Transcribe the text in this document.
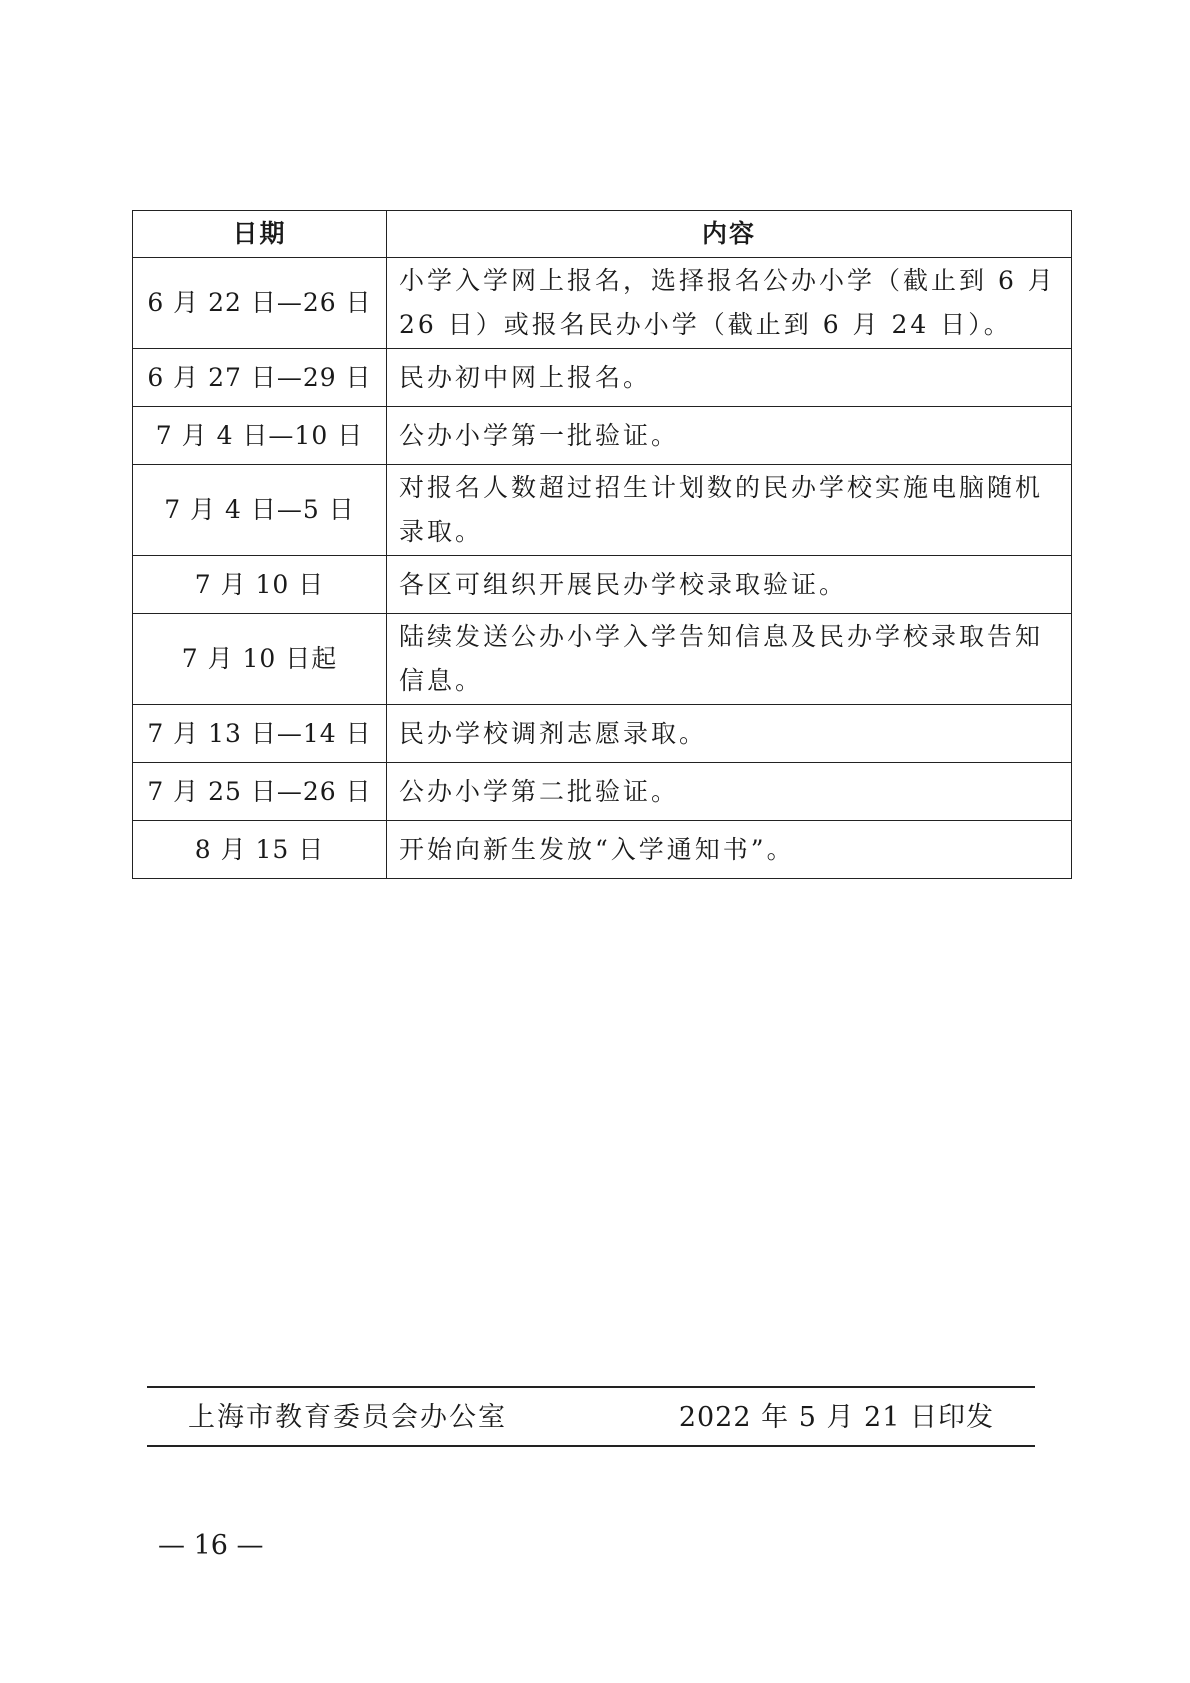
日期	内容
6 月 22 日—26 日	小学入学网上报名，选择报名公办小学（截止到 6 月 26 日）或报名民办小学（截止到 6 月 24 日）。
6 月 27 日—29 日	民办初中网上报名。
7 月 4 日—10 日	公办小学第一批验证。
7 月 4 日—5 日	对报名人数超过招生计划数的民办学校实施电脑随机录取。
7 月 10 日	各区可组织开展民办学校录取验证。
7 月 10 日起	陆续发送公办小学入学告知信息及民办学校录取告知信息。
7 月 13 日—14 日	民办学校调剂志愿录取。
7 月 25 日—26 日	公办小学第二批验证。
8 月 15 日	开始向新生发放“入学通知书”。
上海市教育委员会办公室	2022 年 5 月 21 日印发
— 16 —
